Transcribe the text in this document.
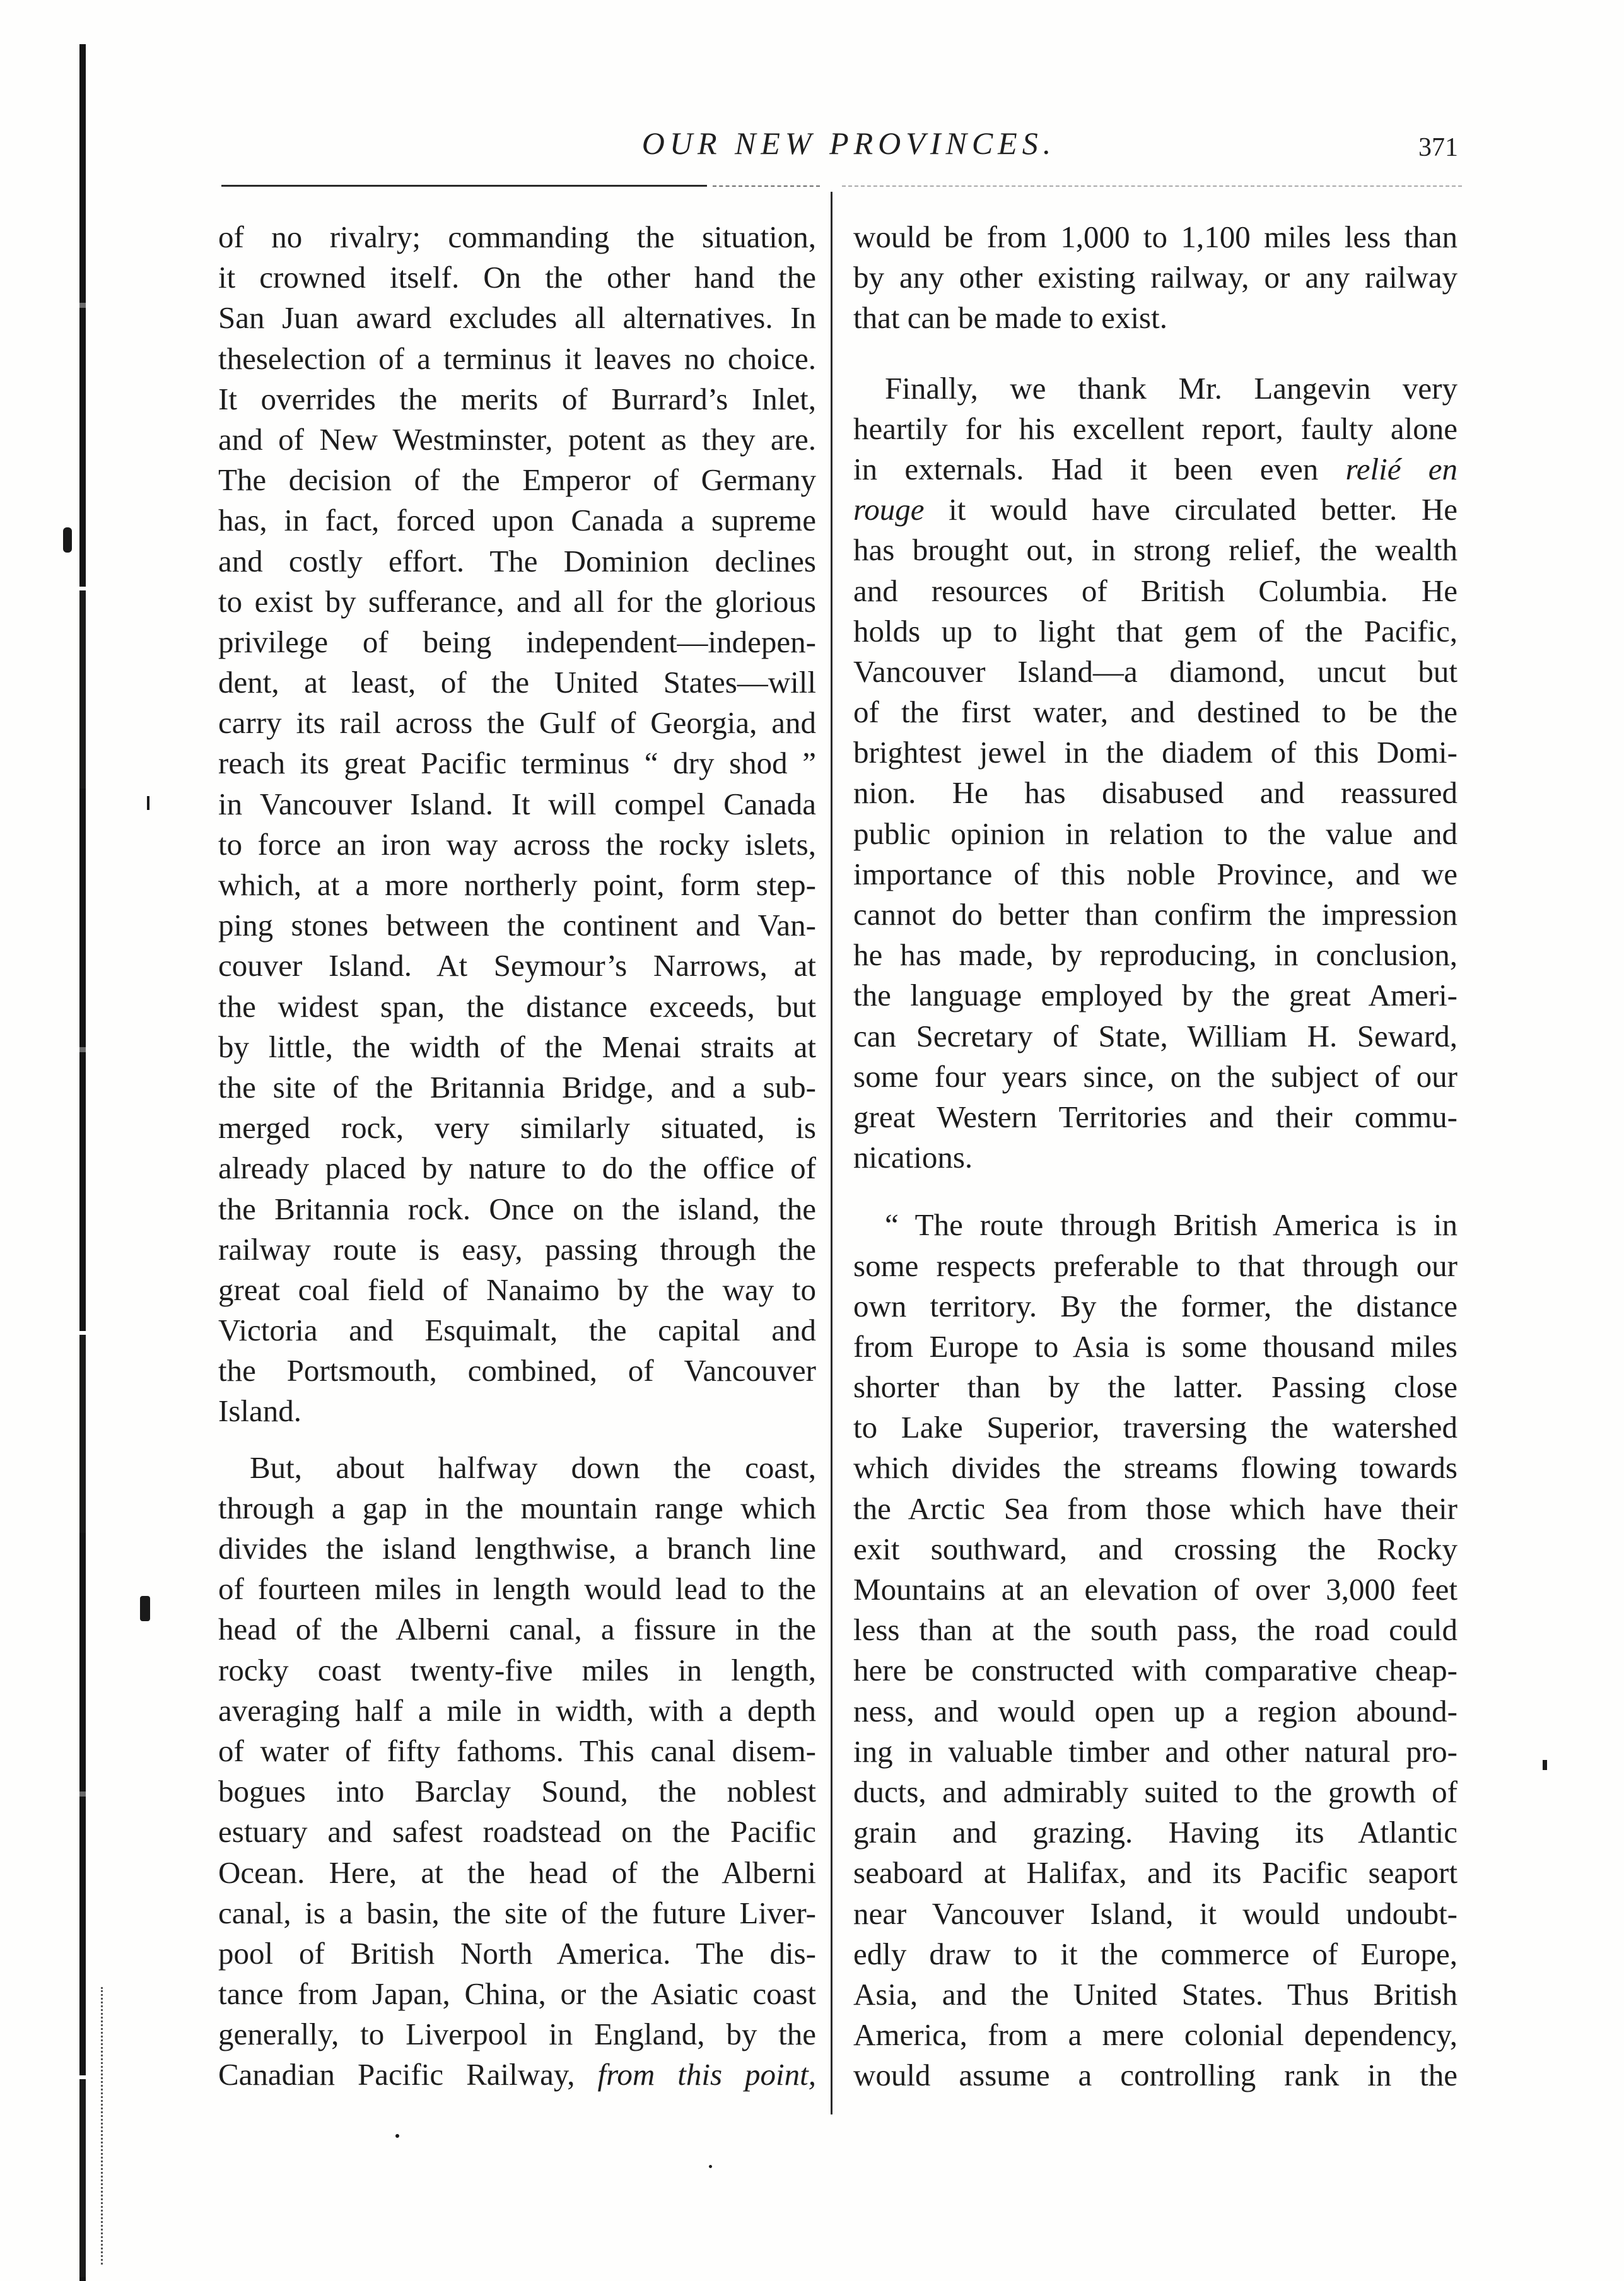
OUR NEW PROVINCES.	371
of no rivalry; commanding the situation,
it crowned itself. On the other hand the
San Juan award excludes all alternatives. In
theselection of a terminus it leaves no choice.
It overrides the merits of Burrard’s Inlet,
and of New Westminster, potent as they are.
The decision of the Emperor of Germany
has, in fact, forced upon Canada a supreme
and costly effort. The Dominion declines
to exist by sufferance, and all for the glorious
privilege of being independent—indepen-
dent, at least, of the United States—will
carry its rail across the Gulf of Georgia, and
reach its great Pacific terminus “ dry shod ”
in Vancouver Island. It will compel Canada
to force an iron way across the rocky islets,
which, at a more northerly point, form step-
ping stones between the continent and Van-
couver Island. At Seymour’s Narrows, at
the widest span, the distance exceeds, but
by little, the width of the Menai straits at
the site of the Britannia Bridge, and a sub-
merged rock, very similarly situated, is
already placed by nature to do the office of
the Britannia rock. Once on the island, the
railway route is easy, passing through the
great coal field of Nanaimo by the way to
Victoria and Esquimalt, the capital and
the Portsmouth, combined, of Vancouver
Island.
But, about halfway down the coast,
through a gap in the mountain range which
divides the island lengthwise, a branch line
of fourteen miles in length would lead to the
head of the Alberni canal, a fissure in the
rocky coast twenty-five miles in length,
averaging half a mile in width, with a depth
of water of fifty fathoms. This canal disem-
bogues into Barclay Sound, the noblest
estuary and safest roadstead on the Pacific
Ocean. Here, at the head of the Alberni
canal, is a basin, the site of the future Liver-
pool of British North America. The dis-
tance from Japan, China, or the Asiatic coast
generally, to Liverpool in England, by the
Canadian Pacific Railway, from this point,
would be from 1,000 to 1,100 miles less than
by any other existing railway, or any railway
that can be made to exist.
Finally, we thank Mr. Langevin very
heartily for his excellent report, faulty alone
in externals. Had it been even relié en
rouge it would have circulated better. He
has brought out, in strong relief, the wealth
and resources of British Columbia. He
holds up to light that gem of the Pacific,
Vancouver Island—a diamond, uncut but
of the first water, and destined to be the
brightest jewel in the diadem of this Domi-
nion. He has disabused and reassured
public opinion in relation to the value and
importance of this noble Province, and we
cannot do better than confirm the impression
he has made, by reproducing, in conclusion,
the language employed by the great Ameri-
can Secretary of State, William H. Seward,
some four years since, on the subject of our
great Western Territories and their commu-
nications.
“ The route through British America is in
some respects preferable to that through our
own territory. By the former, the distance
from Europe to Asia is some thousand miles
shorter than by the latter. Passing close
to Lake Superior, traversing the watershed
which divides the streams flowing towards
the Arctic Sea from those which have their
exit southward, and crossing the Rocky
Mountains at an elevation of over 3,000 feet
less than at the south pass, the road could
here be constructed with comparative cheap-
ness, and would open up a region abound-
ing in valuable timber and other natural pro-
ducts, and admirably suited to the growth of
grain and grazing. Having its Atlantic
seaboard at Halifax, and its Pacific seaport
near Vancouver Island, it would undoubt-
edly draw to it the commerce of Europe,
Asia, and the United States. Thus British
America, from a mere colonial dependency,
would assume a controlling rank in the
